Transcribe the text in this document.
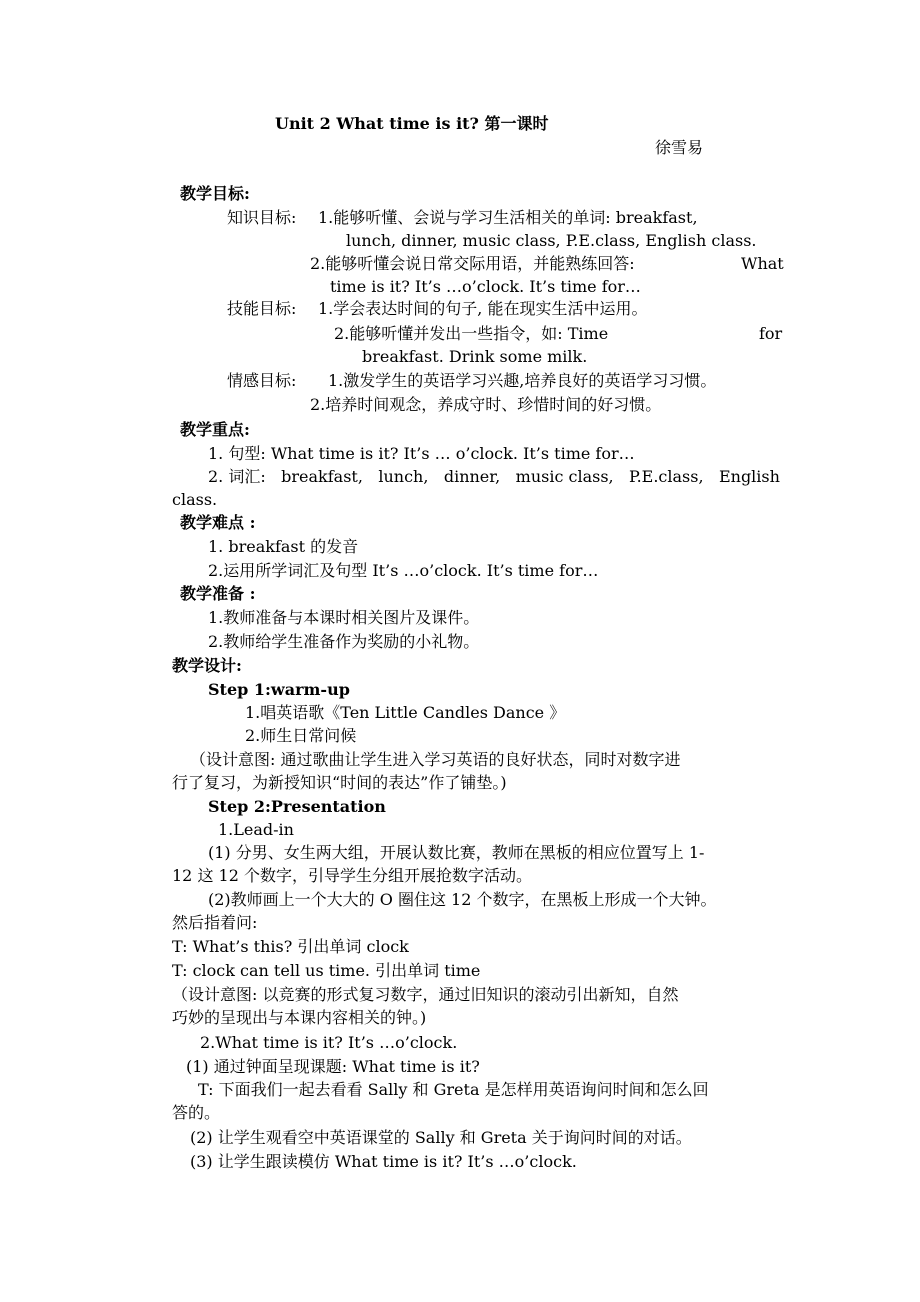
Unit 2 What time is it? 第一课时
徐雪易
教学目标:
知识目标: 1.能够听懂、会说与学习生活相关的单词: breakfast,
lunch, dinner, music class, P.E.class, English class.
2.能够听懂会说日常交际用语，并能熟练回答:	What
time is it? It’s …o’clock. It’s time for…
技能目标: 1.学会表达时间的句子, 能在现实生活中运用。
2.能够听懂并发出一些指令，如: Time	for
breakfast. Drink some milk.
情感目标: 1.激发学生的英语学习兴趣,培养良好的英语学习习惯。
2.培养时间观念，养成守时、珍惜时间的好习惯。
教学重点:
1. 句型: What time is it? It’s … o’clock. It’s time for…
2. 词汇: breakfast, lunch, dinner, music class, P.E.class, English
class.
教学难点 :
1. breakfast 的发音
2.运用所学词汇及句型 It’s …o’clock. It’s time for…
教学准备 :
1.教师准备与本课时相关图片及课件。
2.教师给学生准备作为奖励的小礼物。
教学设计:
Step 1:warm-up
1.唱英语歌《Ten Little Candles Dance 》
2.师生日常问候
（设计意图: 通过歌曲让学生进入学习英语的良好状态，同时对数字进
行了复习，为新授知识“时间的表达”作了铺垫。)
Step 2:Presentation
1.Lead-in
(1) 分男、女生两大组，开展认数比赛，教师在黑板的相应位置写上 1-
12 这 12 个数字，引导学生分组开展抢数字活动。
(2)教师画上一个大大的 O 圈住这 12 个数字，在黑板上形成一个大钟。
然后指着问:
T: What’s this? 引出单词 clock
T: clock can tell us time. 引出单词 time
（设计意图: 以竞赛的形式复习数字，通过旧知识的滚动引出新知，自然
巧妙的呈现出与本课内容相关的钟。)
2.What time is it? It’s …o’clock.
(1) 通过钟面呈现课题: What time is it?
T: 下面我们一起去看看 Sally 和 Greta 是怎样用英语询问时间和怎么回
答的。
(2) 让学生观看空中英语课堂的 Sally 和 Greta 关于询问时间的对话。
(3) 让学生跟读模仿 What time is it? It’s …o’clock.
